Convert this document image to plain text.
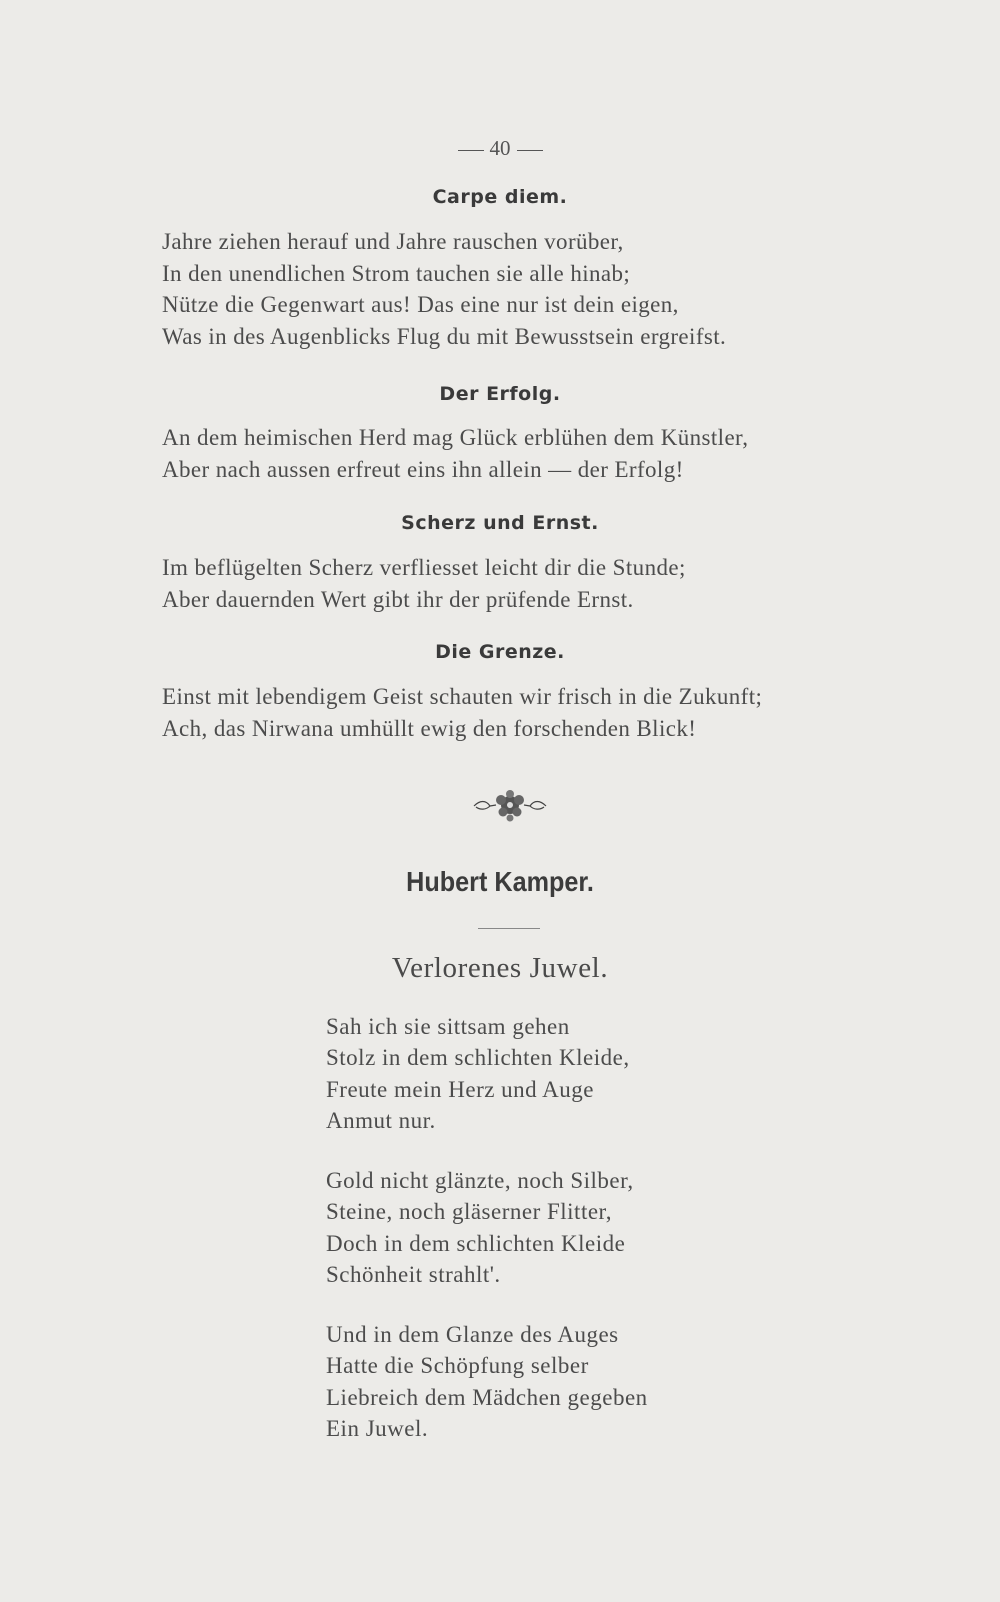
40
Carpe diem.
Jahre ziehen herauf und Jahre rauschen vorüber,
In den unendlichen Strom tauchen sie alle hinab;
Nütze die Gegenwart aus! Das eine nur ist dein eigen,
Was in des Augenblicks Flug du mit Bewusstsein ergreifst.
Der Erfolg.
An dem heimischen Herd mag Glück erblühen dem Künstler,
Aber nach aussen erfreut eins ihn allein — der Erfolg!
Scherz und Ernst.
Im beflügelten Scherz verfliesset leicht dir die Stunde;
Aber dauernden Wert gibt ihr der prüfende Ernst.
Die Grenze.
Einst mit lebendigem Geist schauten wir frisch in die Zukunft;
Ach, das Nirwana umhüllt ewig den forschenden Blick!
Hubert Kamper.
Verlorenes Juwel.
Sah ich sie sittsam gehen
Stolz in dem schlichten Kleide,
Freute mein Herz und Auge
Anmut nur.
Gold nicht glänzte, noch Silber,
Steine, noch gläserner Flitter,
Doch in dem schlichten Kleide
Schönheit strahlt'.
Und in dem Glanze des Auges
Hatte die Schöpfung selber
Liebreich dem Mädchen gegeben
Ein Juwel.
